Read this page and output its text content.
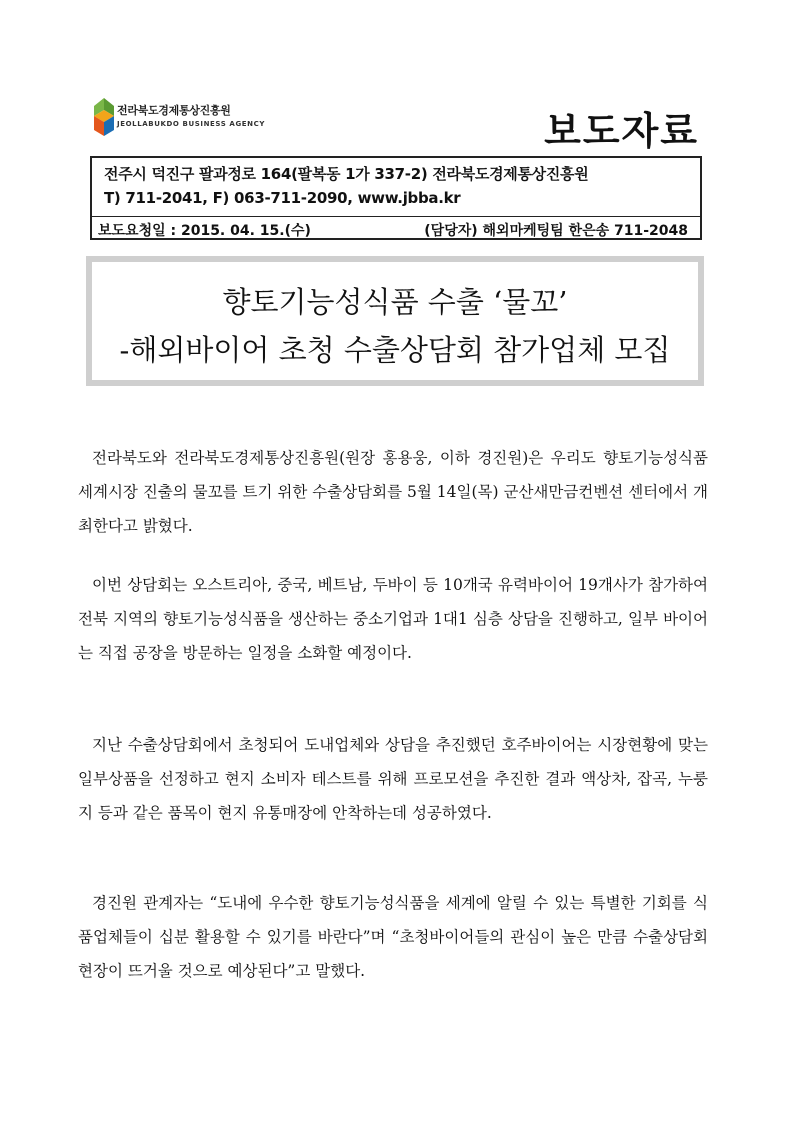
전라북도경제통상진흥원
JEOLLABUKDO BUSINESS AGENCY	보도자료
전주시 덕진구 팔과정로 164(팔복동 1가 337-2) 전라북도경제통상진흥원
T) 711-2041, F) 063-711-2090, www.jbba.kr
보도요청일 : 2015. 04. 15.(수)	(담당자) 해외마케팅팀 한은송 711-2048
향토기능성식품 수출 ‘물꼬’
-해외바이어 초청 수출상담회 참가업체 모집

전라북도와 전라북도경제통상진흥원(원장 홍용웅, 이하 경진원)은 우리도 향토기능성식품 세계시장 진출의 물꼬를 트기 위한 수출상담회를 5월 14일(목) 군산새만금컨벤션 센터에서 개최한다고 밝혔다.

이번 상담회는 오스트리아, 중국, 베트남, 두바이 등 10개국 유력바이어 19개사가 참가하여 전북 지역의 향토기능성식품을 생산하는 중소기업과 1대1 심층 상담을 진행하고, 일부 바이어는 직접 공장을 방문하는 일정을 소화할 예정이다.

지난 수출상담회에서 초청되어 도내업체와 상담을 추진했던 호주바이어는 시장현황에 맞는 일부상품을 선정하고 현지 소비자 테스트를 위해 프로모션을 추진한 결과 액상차, 잡곡, 누룽지 등과 같은 품목이 현지 유통매장에 안착하는데 성공하였다.

경진원 관계자는 “도내에 우수한 향토기능성식품을 세계에 알릴 수 있는 특별한 기회를 식품업체들이 십분 활용할 수 있기를 바란다”며 “초청바이어들의 관심이 높은 만큼 수출상담회 현장이 뜨거울 것으로 예상된다”고 말했다.
